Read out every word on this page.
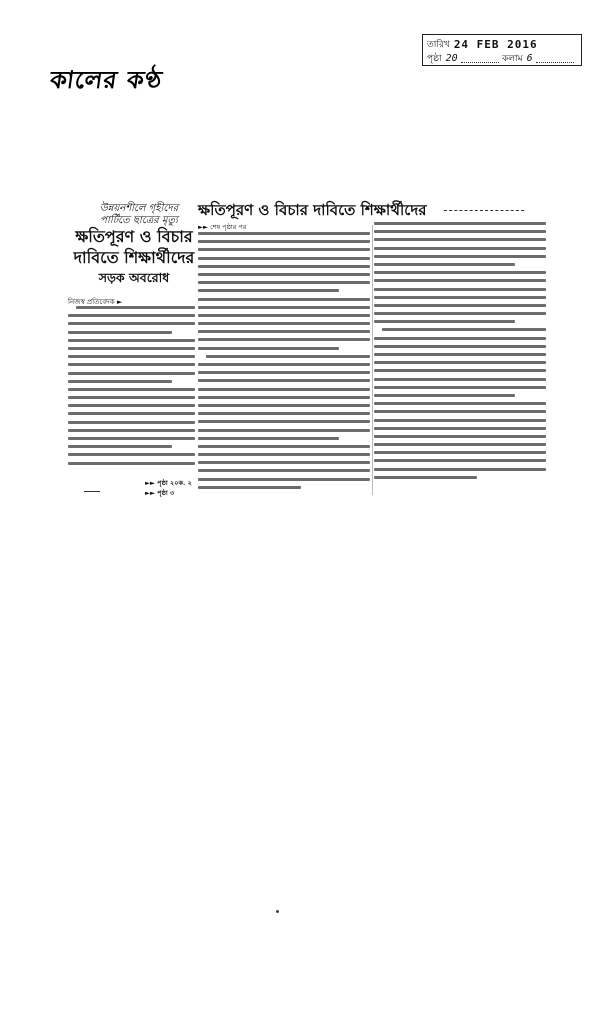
কালের কণ্ঠ
তারিখ 24 FEB 2016
পৃষ্ঠা 20	কলাম 6
উন্নয়নশীলে গৃহীদের পার্টিতে ছাত্রের মৃত্যু
ক্ষতিপূরণ ও বিচার দাবিতে শিক্ষার্থীদের
সড়ক অবরোধ
নিজস্ব প্রতিবেদক ►
►► পৃষ্ঠা ২০ক. ২
►► পৃষ্ঠা ৩
ক্ষতিপূরণ ও বিচার দাবিতে শিক্ষার্থীদের
►► শেষ পৃষ্ঠার পর
